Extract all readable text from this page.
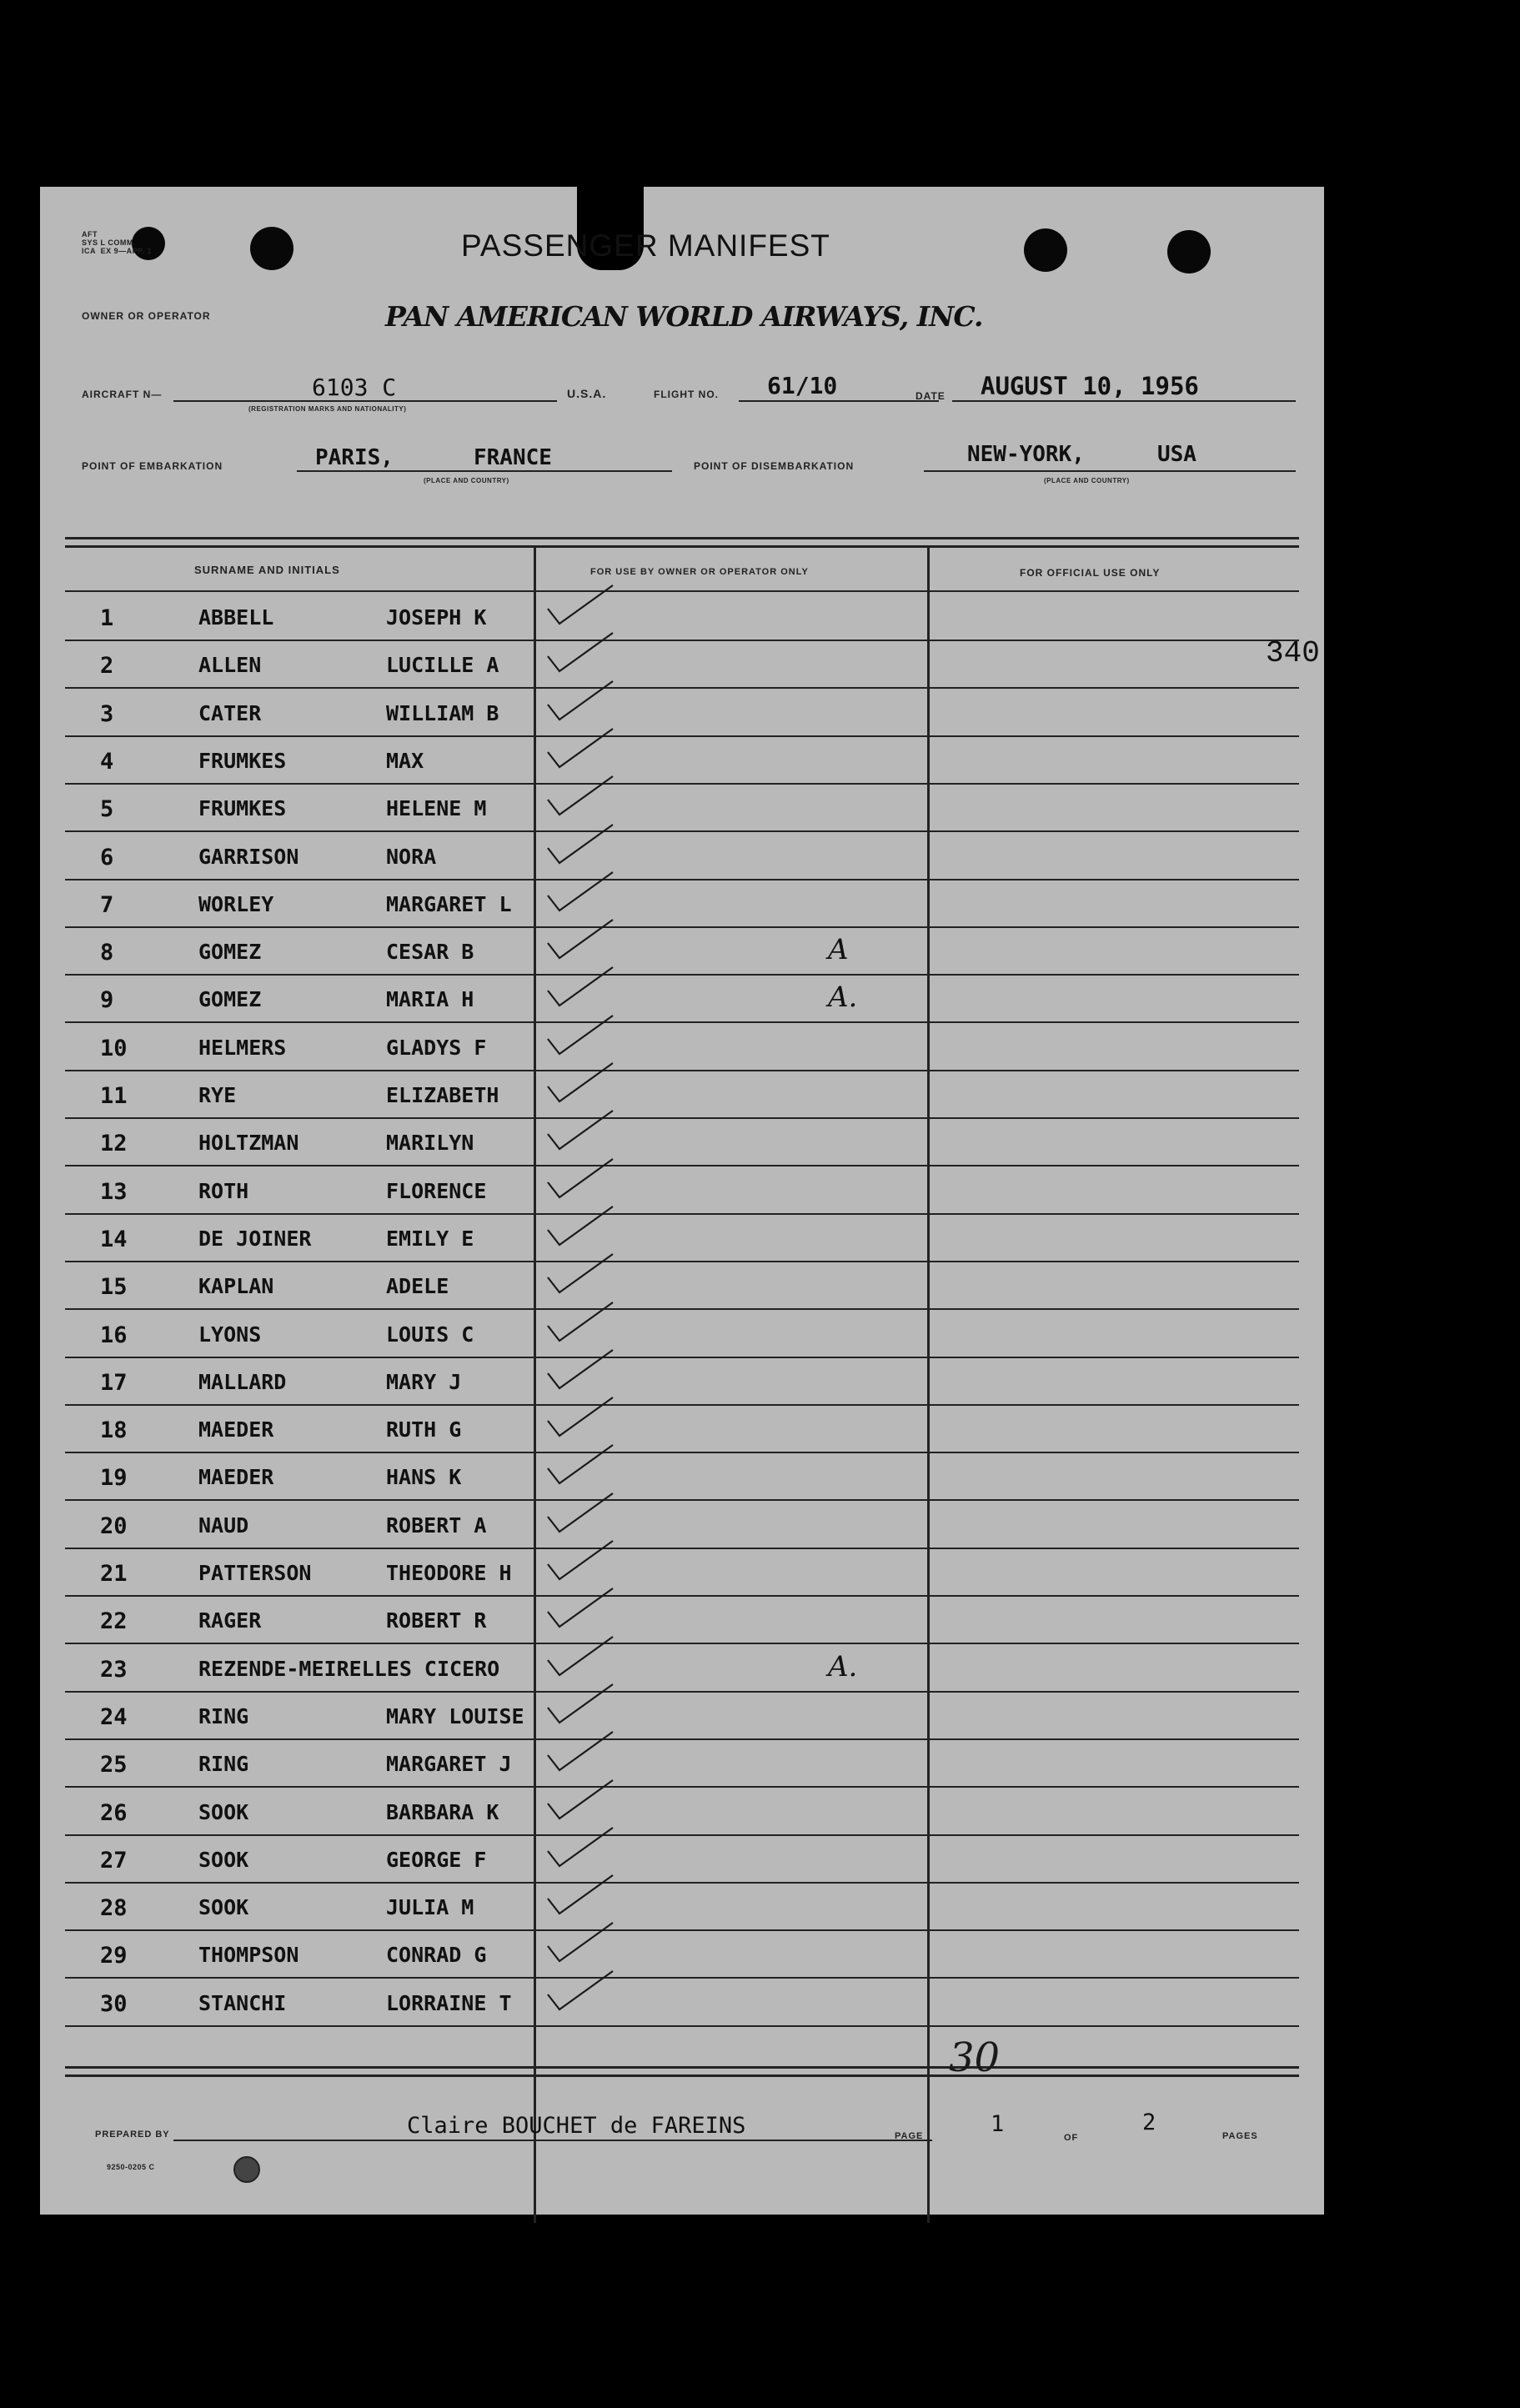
AFT
SYS L COMM.
ICA  EX 9—APP. 1	PASSENGER MANIFEST
OWNER OR OPERATOR	PAN AMERICAN WORLD AIRWAYS, INC.
AIRCRAFT N—	6103 C
(REGISTRATION MARKS AND NATIONALITY)
U.S.A.	FLIGHT NO. 61/10	DATE AUGUST 10, 1956
POINT OF EMBARKATION	PARIS,	FRANCE
(PLACE AND COUNTRY)
POINT OF DISEMBARKATION	NEW-YORK,	USA
(PLACE AND COUNTRY)
SURNAME AND INITIALS	FOR USE BY OWNER OR OPERATOR ONLY	FOR OFFICIAL USE ONLY
1	ABBELL	JOSEPH K
2	ALLEN	LUCILLE A	340
3	CATER	WILLIAM B
4	FRUMKES	MAX
5	FRUMKES	HELENE M
6	GARRISON	NORA
7	WORLEY	MARGARET L
8	GOMEZ	CESAR B	A
9	GOMEZ	MARIA H	A.
10	HELMERS	GLADYS F
11	RYE	ELIZABETH
12	HOLTZMAN	MARILYN
13	ROTH	FLORENCE
14	DE JOINER	EMILY E
15	KAPLAN	ADELE
16	LYONS	LOUIS C
17	MALLARD	MARY J
18	MAEDER	RUTH G
19	MAEDER	HANS K
20	NAUD	ROBERT A
21	PATTERSON	THEODORE H
22	RAGER	ROBERT R
23	REZENDE-MEIRELLES CICERO	A.
24	RING	MARY LOUISE
25	RING	MARGARET J
26	SOOK	BARBARA K
27	SOOK	GEORGE F
28	SOOK	JULIA M
29	THOMPSON	CONRAD G
30	STANCHI	LORRAINE T
30
PREPARED BY	Claire BOUCHET de FAREINS	PAGE	1
OF
2
PAGES
9250-0205 C
